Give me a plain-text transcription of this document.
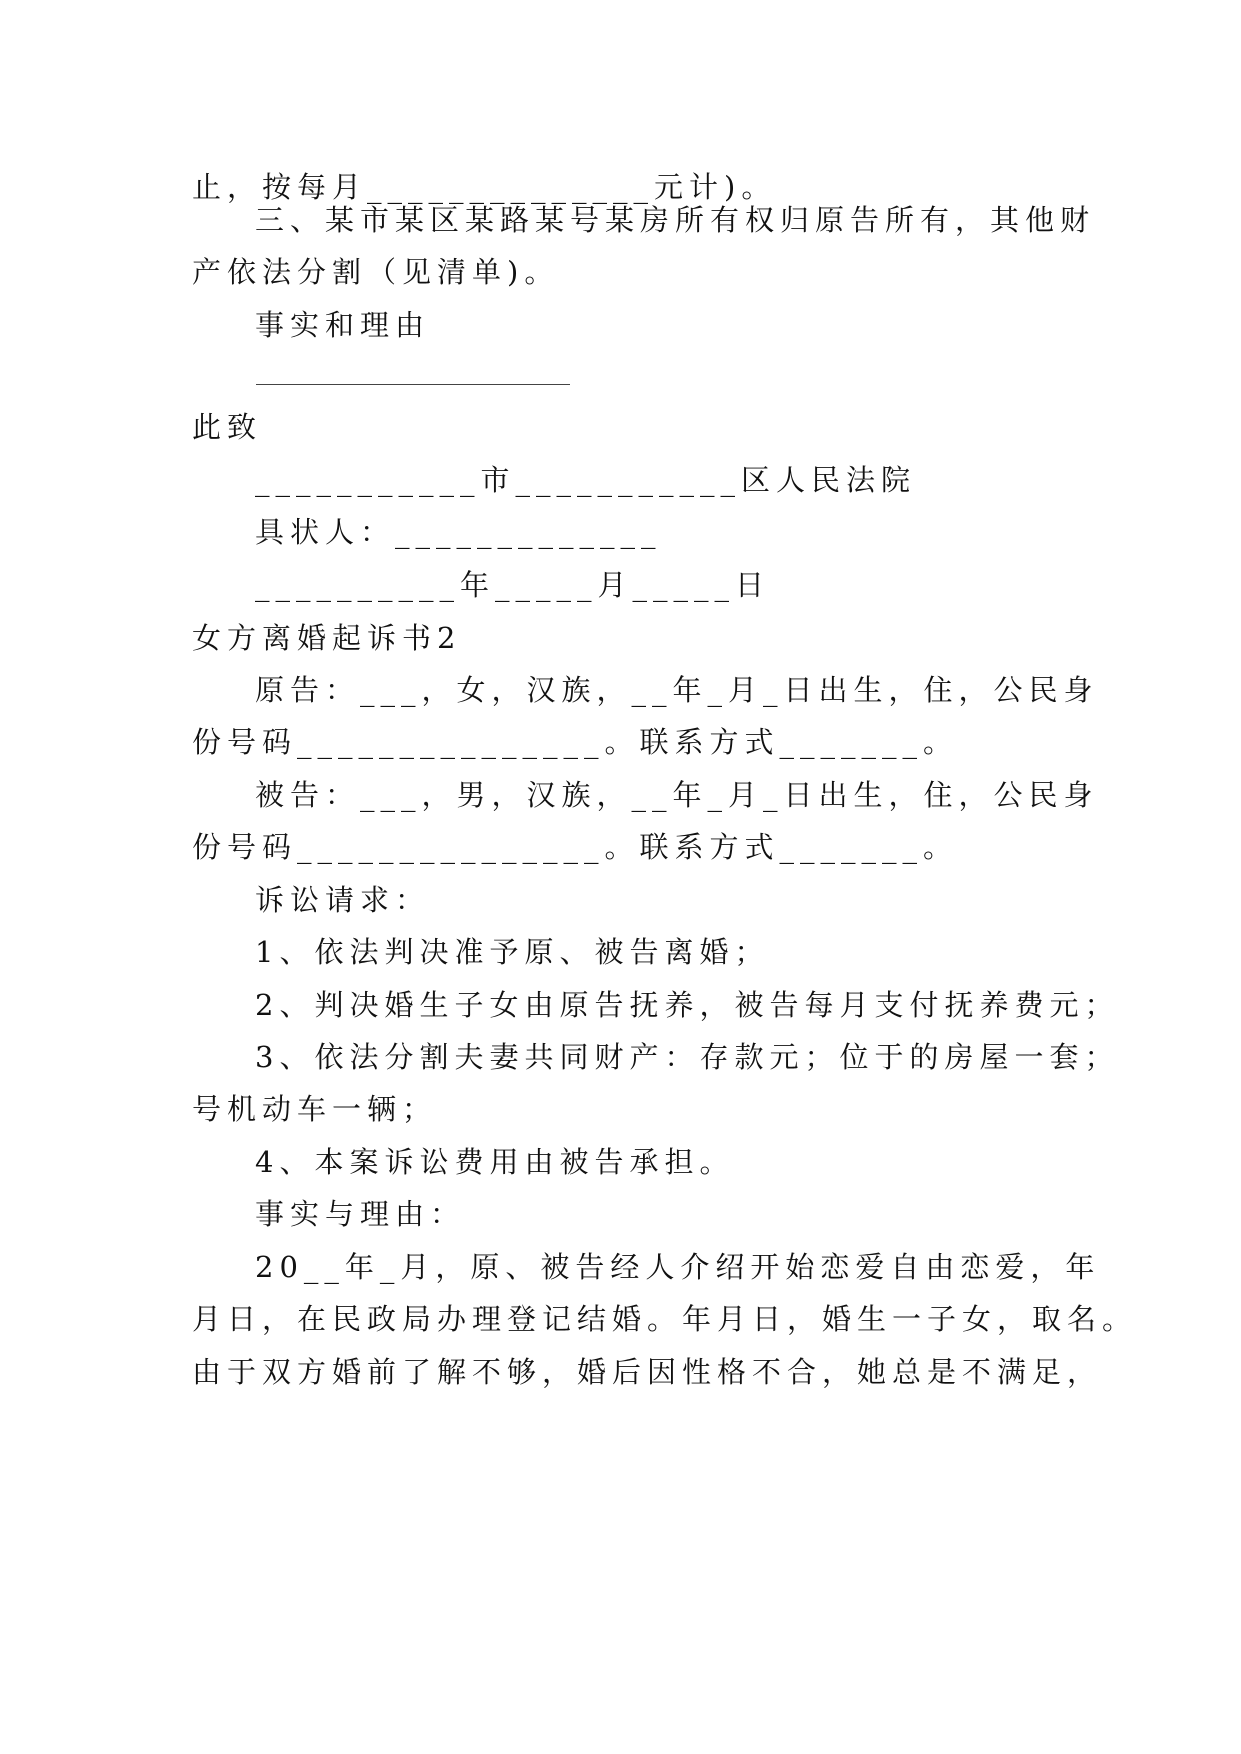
止，按每月______________元计)。
三、某市某区某路某号某房所有权归原告所有，其他财
产依法分割（见清单)。
事实和理由
此致
___________市___________区人民法院
具状人：_____________
__________年_____月_____日
女方离婚起诉书2
原告：___，女，汉族，__年_月_日出生，住，公民身
份号码_______________。联系方式_______。
被告：___，男，汉族，__年_月_日出生，住，公民身
份号码_______________。联系方式_______。
诉讼请求：
1、依法判决准予原、被告离婚；
2、判决婚生子女由原告抚养，被告每月支付抚养费元；
3、依法分割夫妻共同财产：存款元；位于的房屋一套；
号机动车一辆；
4、本案诉讼费用由被告承担。
事实与理由：
20__年_月，原、被告经人介绍开始恋爱自由恋爱，年
月日，在民政局办理登记结婚。年月日，婚生一子女，取名。
由于双方婚前了解不够，婚后因性格不合，她总是不满足，
